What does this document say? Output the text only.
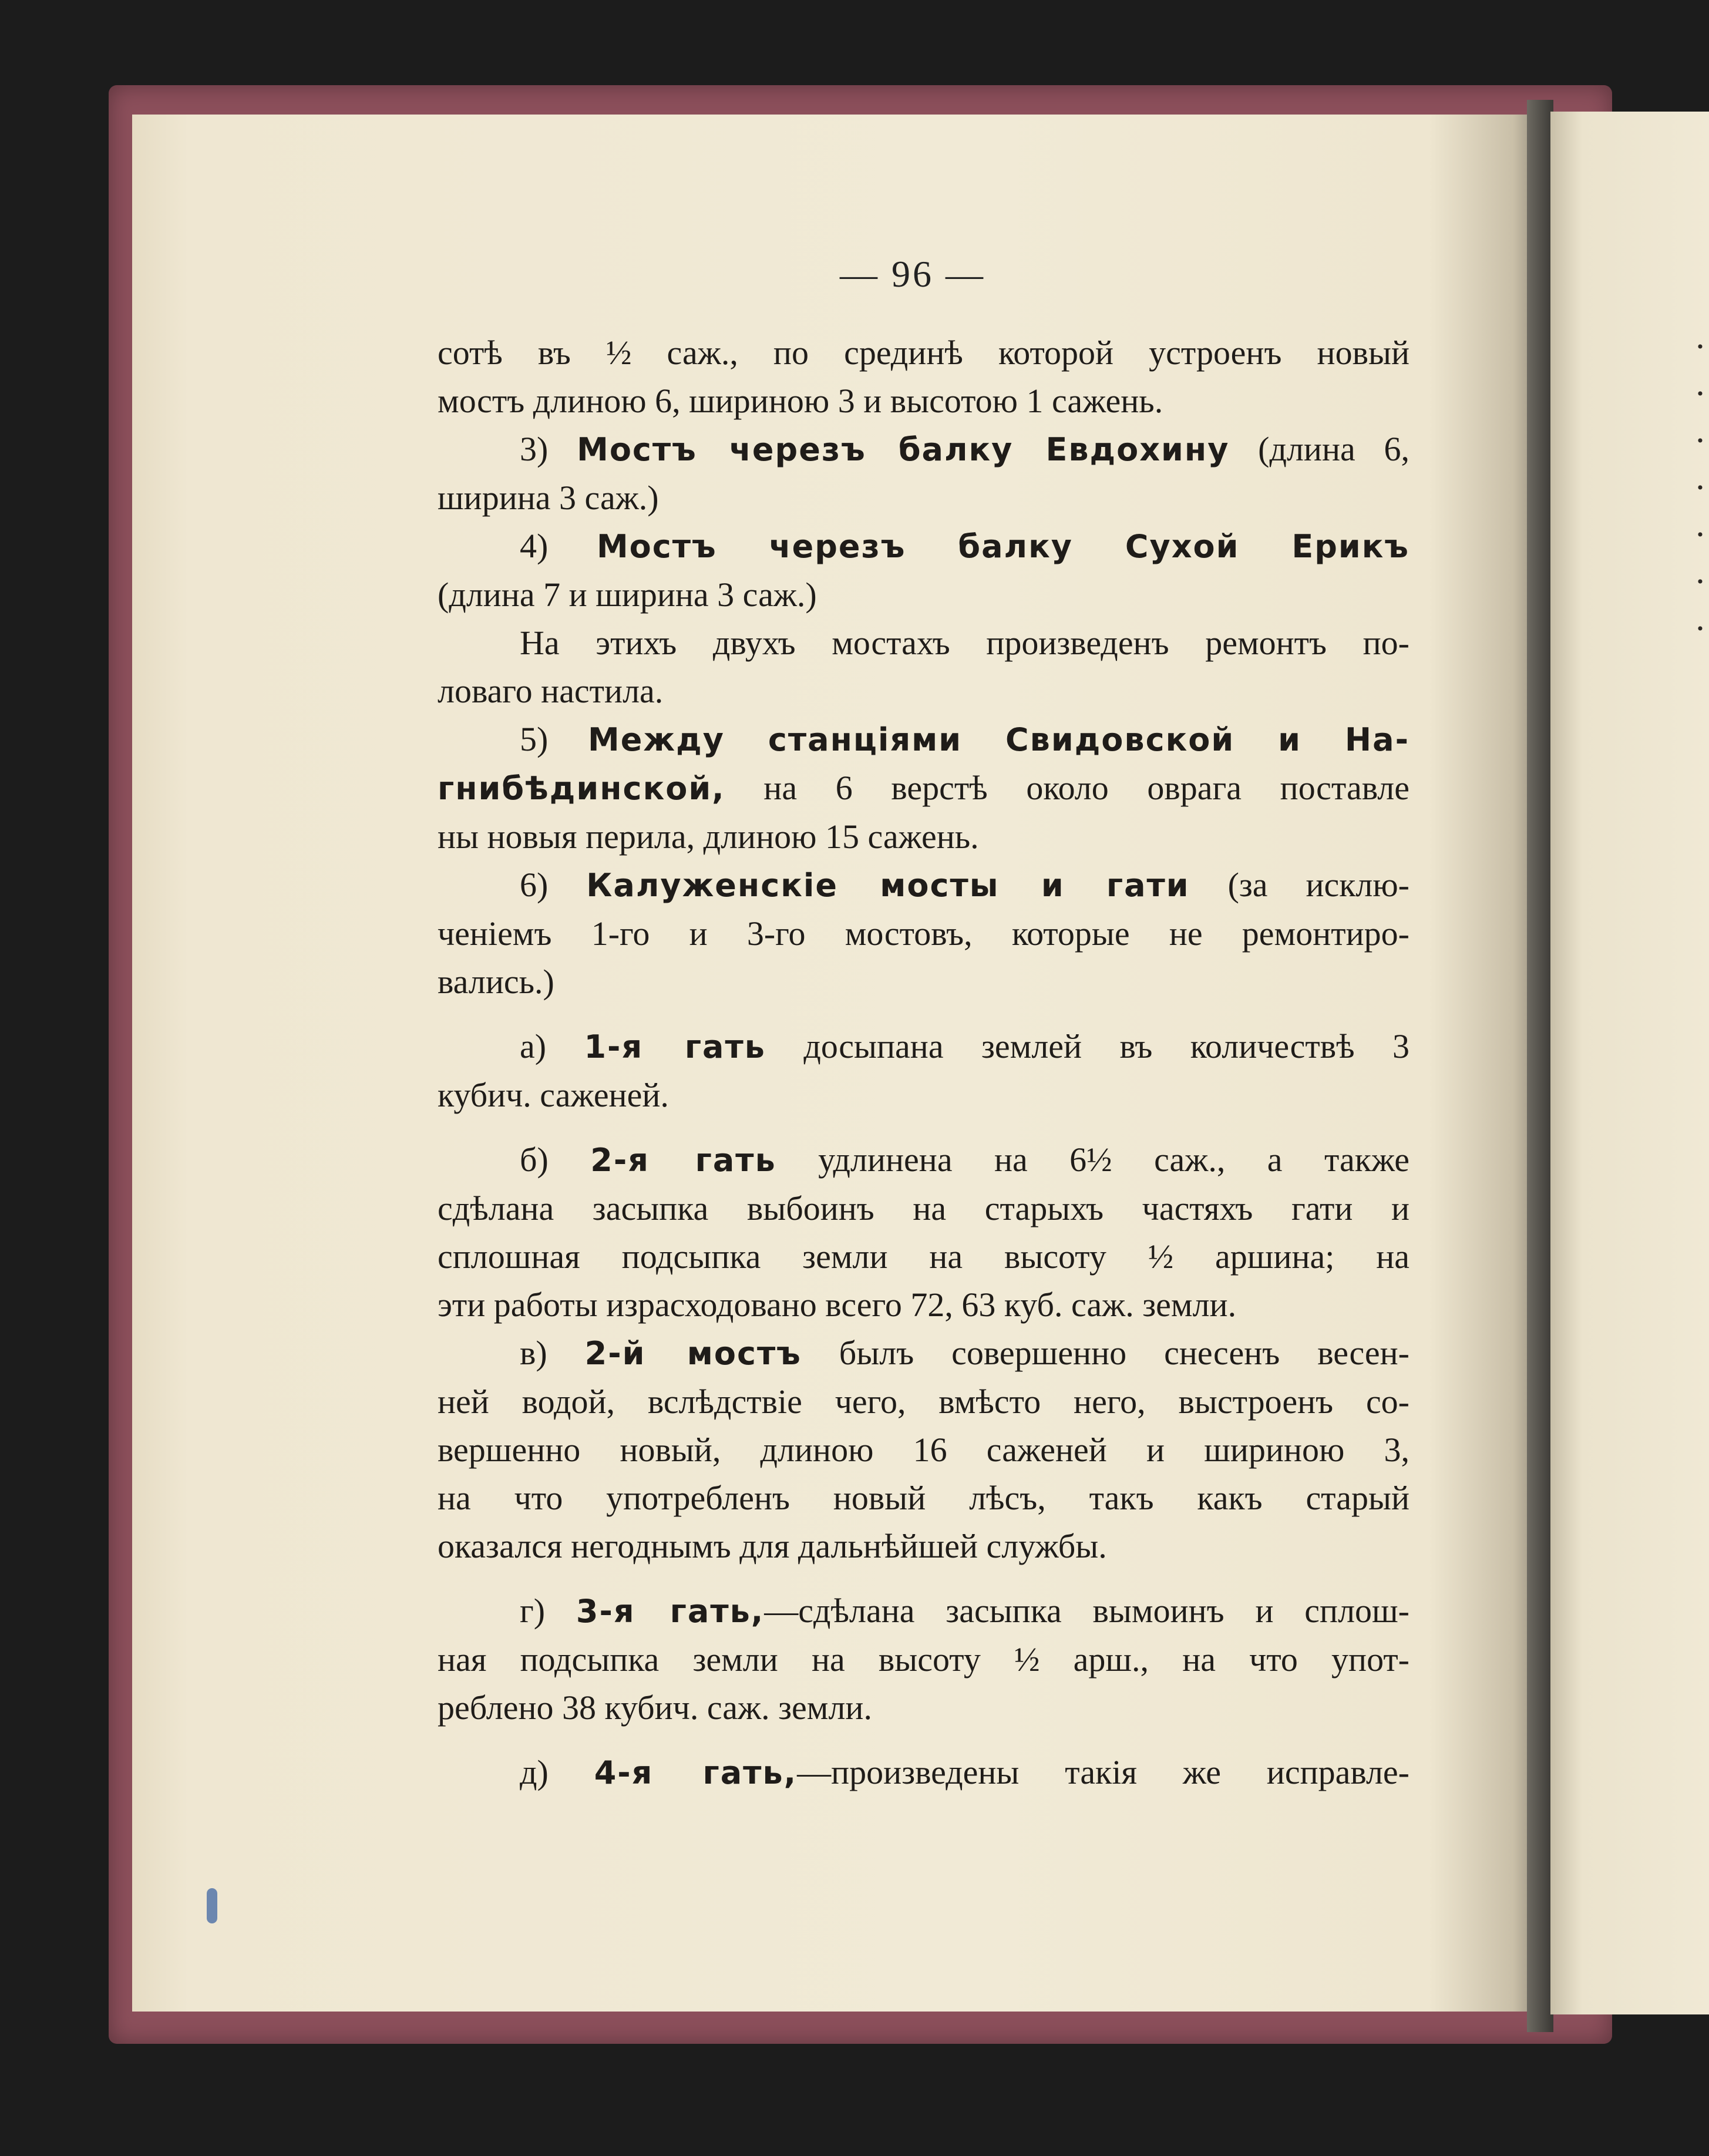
·
·
·
·
·
·
·
— 96 —

сотѣ въ ½ саж., по срединѣ которой устроенъ новый
мостъ длиною 6, шириною 3 и высотою 1 сажень.

3) Мостъ черезъ балку Евдохину (длина 6,
ширина 3 саж.)

4) Мостъ черезъ балку Сухой Ерикъ
(длина 7 и ширина 3 саж.)

На этихъ двухъ мостахъ произведенъ ремонтъ по-
ловаго настила.

5) Между станціями Свидовской и На-
гнибѣдинской, на 6 верстѣ около оврага поставле
ны новыя перила, длиною 15 сажень.

6) Калуженскіе мосты и гати (за исклю-
ченіемъ 1-го и 3-го мостовъ, которые не ремонтиро-
вались.)

а) 1-я гать досыпана землей въ количествѣ 3
кубич. саженей.

б) 2-я гать удлинена на 6½ саж., а также
сдѣлана засыпка выбоинъ на старыхъ частяхъ гати и
сплошная подсыпка земли на высоту ½ аршина; на
эти работы израсходовано всего 72, 63 куб. саж. земли.

в) 2-й мостъ былъ совершенно снесенъ весен-
ней водой, вслѣдствіе чего, вмѣсто него, выстроенъ со-
вершенно новый, длиною 16 саженей и шириною 3,
на что употребленъ новый лѣсъ, такъ какъ старый
оказался негоднымъ для дальнѣйшей службы.

г) 3-я гать,—сдѣлана засыпка вымоинъ и сплош-
ная подсыпка земли на высоту ½ арш., на что упот-
реблено 38 кубич. саж. земли.

д) 4-я гать,—произведены такія же исправле-
